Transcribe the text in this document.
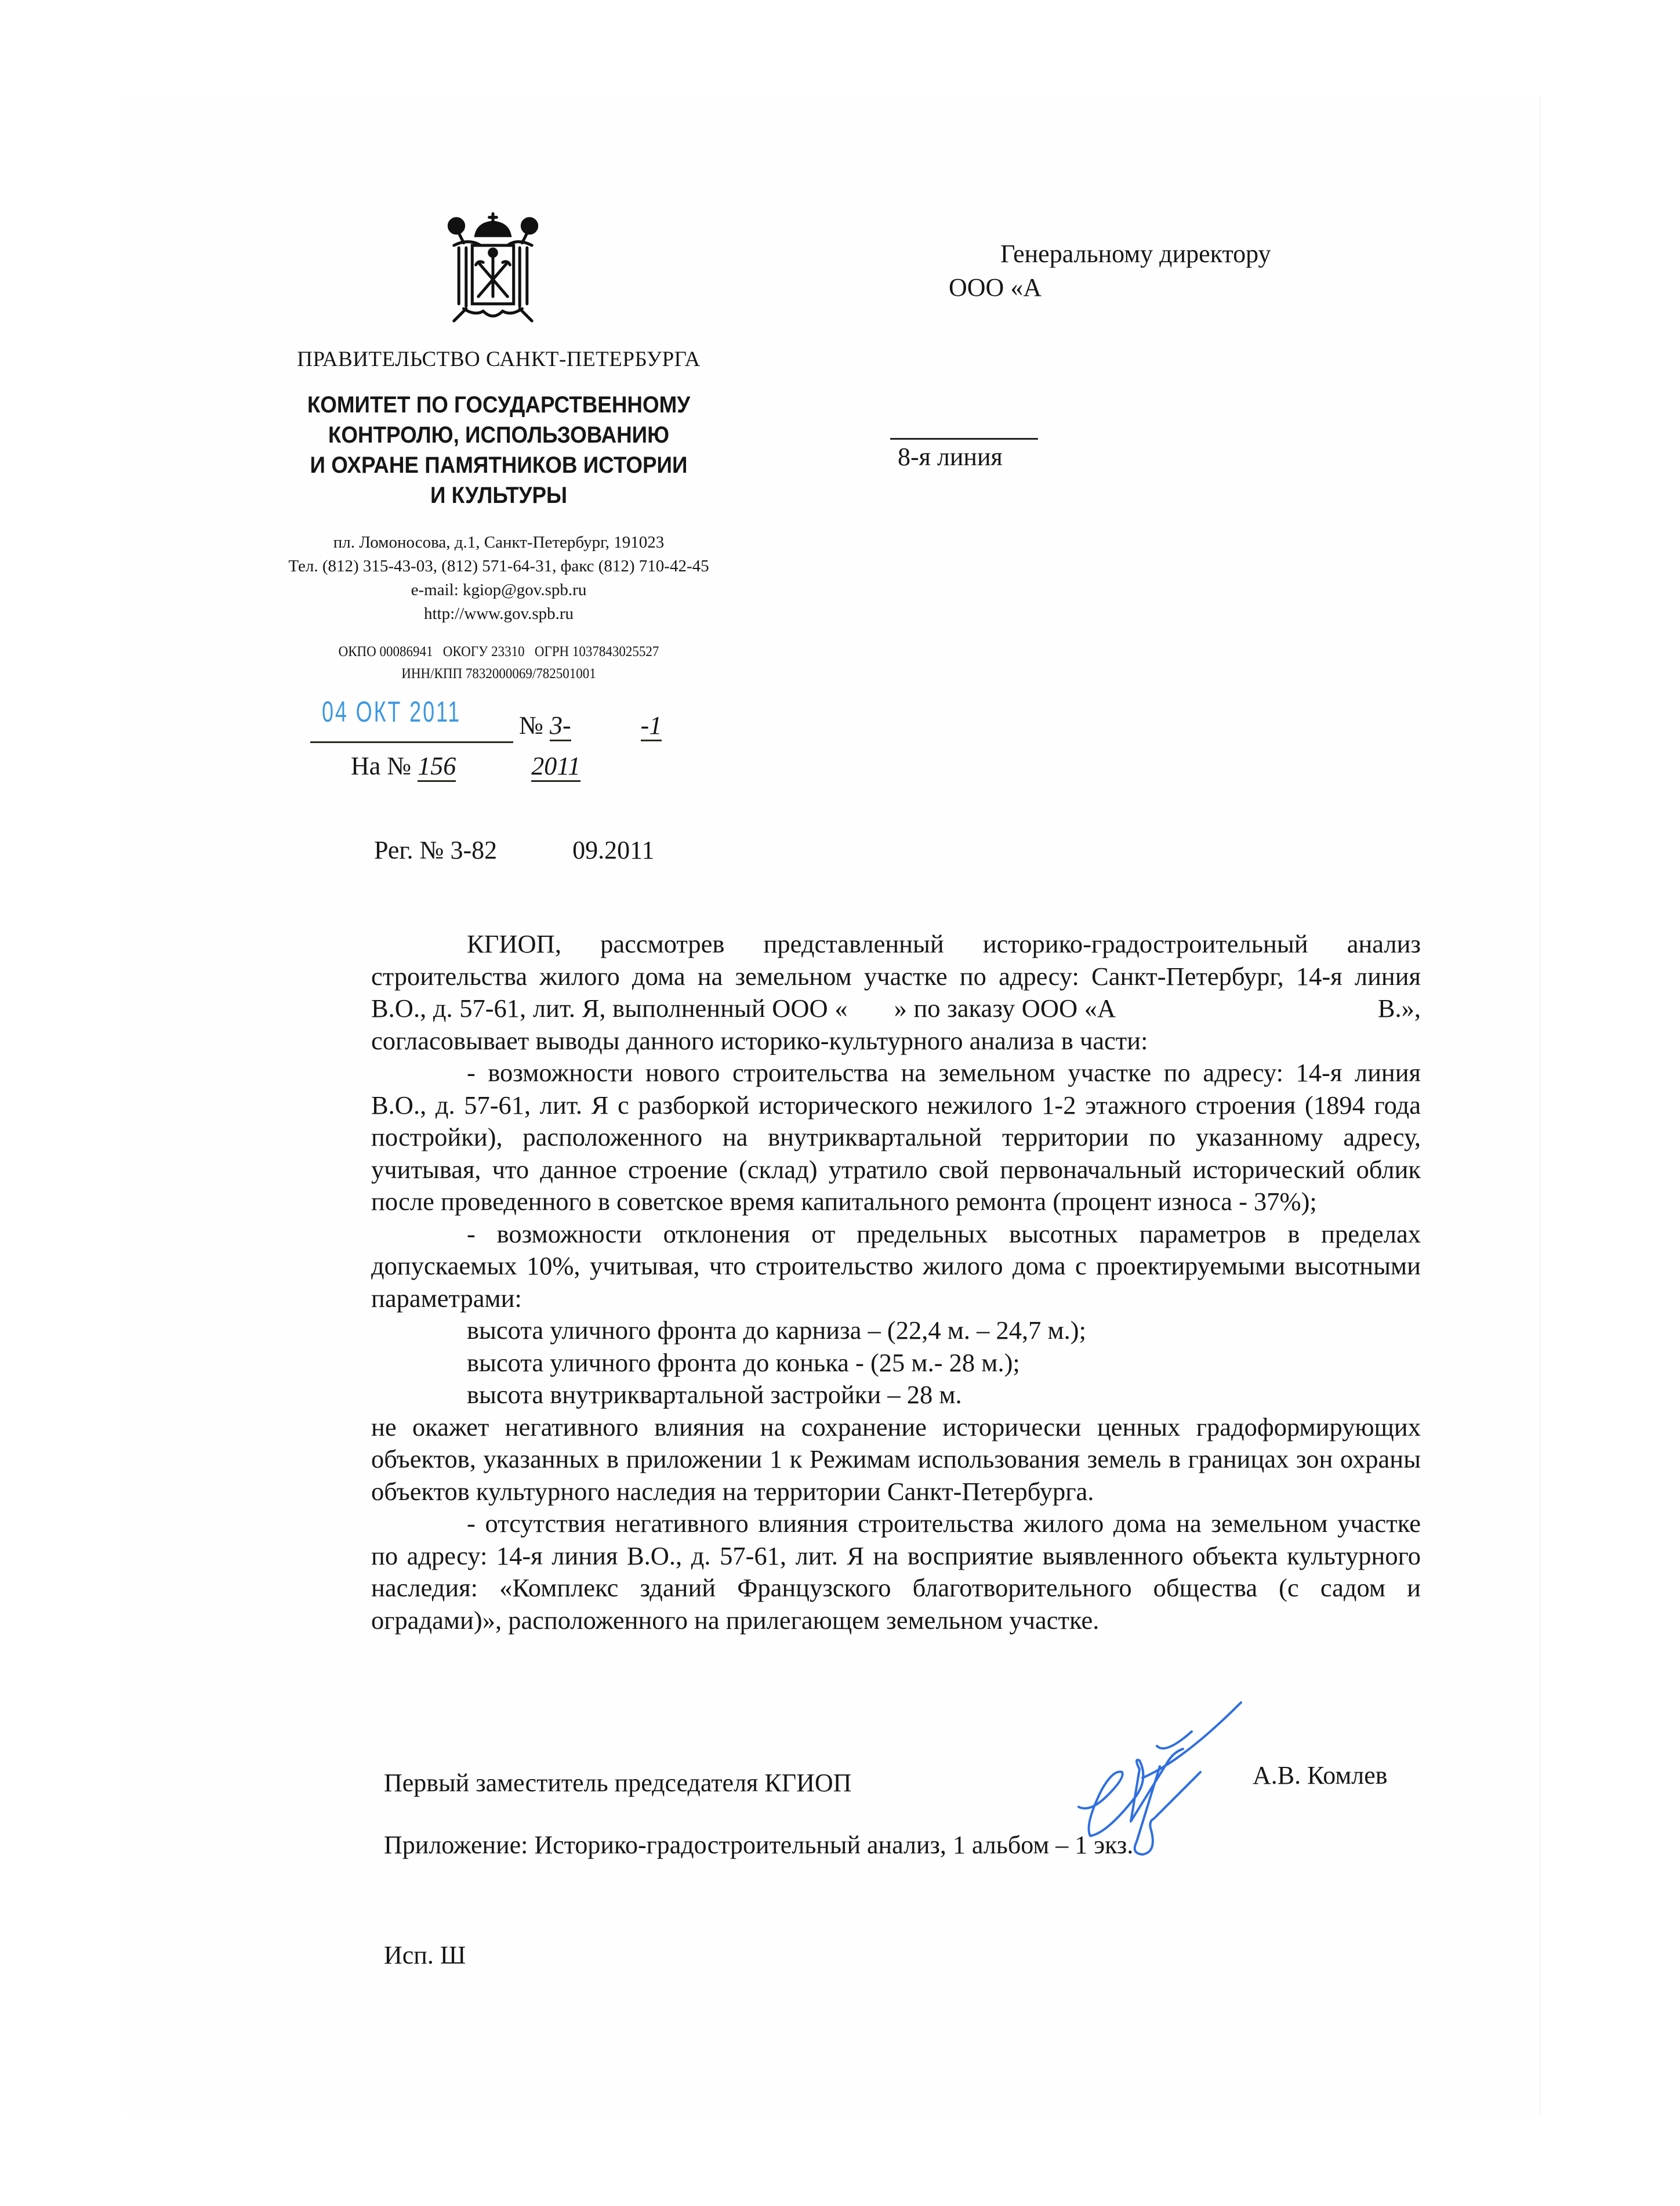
ПРАВИТЕЛЬСТВО САНКТ-ПЕТЕРБУРГА
КОМИТЕТ ПО ГОСУДАРСТВЕННОМУ
КОНТРОЛЮ, ИСПОЛЬЗОВАНИЮ
И ОХРАНЕ ПАМЯТНИКОВ ИСТОРИИ
И КУЛЬТУРЫ
пл. Ломоносова, д.1, Санкт-Петербург, 191023
Тел. (812) 315-43-03, (812) 571-64-31, факс (812) 710-42-45
e-mail: kgiop@gov.spb.ru
http://www.gov.spb.ru
ОКПО 00086941   ОКОГУ 23310   ОГРН 1037843025527
ИНН/КПП 7832000069/782501001
04 ОКТ 2011 № 3-	-1
На № 156	2011
Рег. № 3-82	09.2011
Генеральному директору
ООО «А
8-я линия

КГИОП, рассмотрев представленный историко-градостроительный анализ строительства жилого дома на земельном участке по адресу: Санкт-Петербург, 14-я линия В.О., д. 57-61, лит. Я, выполненный ООО « » по заказу ООО «А	В.», согласовывает выводы данного историко-культурного анализа в части:

- возможности нового строительства на земельном участке по адресу: 14-я линия В.О., д. 57-61, лит. Я с разборкой исторического нежилого 1-2 этажного строения (1894 года постройки), расположенного на внутриквартальной территории по указанному адресу, учитывая, что данное строение (склад) утратило свой первоначальный исторический облик после проведенного в советское время капитального ремонта (процент износа - 37%);

- возможности отклонения от предельных высотных параметров в пределах допускаемых 10%, учитывая, что строительство жилого дома с проектируемыми высотными параметрами:

высота уличного фронта до карниза – (22,4 м. – 24,7 м.);

высота уличного фронта до конька - (25 м.- 28 м.);

высота внутриквартальной застройки – 28 м.

не окажет негативного влияния на сохранение исторически ценных градоформирующих объектов, указанных в приложении 1 к Режимам использования земель в границах зон охраны объектов культурного наследия на территории Санкт-Петербурга.

- отсутствия негативного влияния строительства жилого дома на земельном участке по адресу: 14-я линия В.О., д. 57-61, лит. Я на восприятие выявленного объекта культурного наследия: «Комплекс зданий Французского благотворительного общества (с садом и оградами)», расположенного на прилегающем земельном участке.

Первый заместитель председателя КГИОП	А.В. Комлев
Приложение: Историко-градостроительный анализ, 1 альбом – 1 экз.
Исп. Ш
